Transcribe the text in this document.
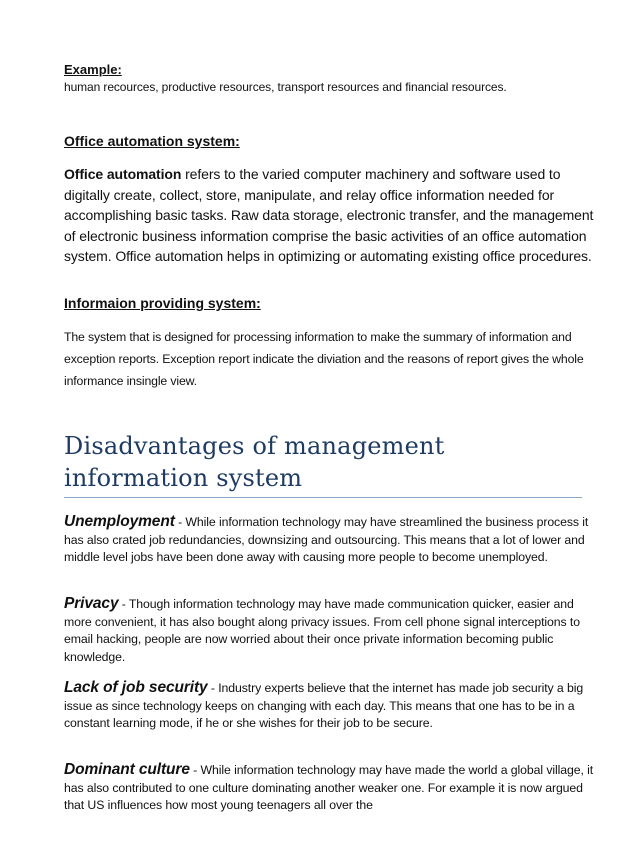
Example:

human recources, productive resources, transport resources and financial resources.

Office automation system:

Office automation refers to the varied computer machinery and software used to digitally create, collect, store, manipulate, and relay office information needed for accomplishing basic tasks. Raw data storage, electronic transfer, and the management of electronic business information comprise the basic activities of an office automation system. Office automation helps in optimizing or automating existing office procedures.

Informaion providing system:

The system that is designed for processing information to make the summary of information and exception reports. Exception report indicate the diviation and the reasons of report gives the whole informance insingle view.

Disadvantages of management information system

Unemployment - While information technology may have streamlined the business process it has also crated job redundancies, downsizing and outsourcing. This means that a lot of lower and middle level jobs have been done away with causing more people to become unemployed.

Privacy - Though information technology may have made communication quicker, easier and more convenient, it has also bought along privacy issues. From cell phone signal interceptions to email hacking, people are now worried about their once private information becoming public knowledge.

Lack of job security - Industry experts believe that the internet has made job security a big issue as since technology keeps on changing with each day. This means that one has to be in a constant learning mode, if he or she wishes for their job to be secure.

Dominant culture - While information technology may have made the world a global village, it has also contributed to one culture dominating another weaker one. For example it is now argued that US influences how most young teenagers all over the
